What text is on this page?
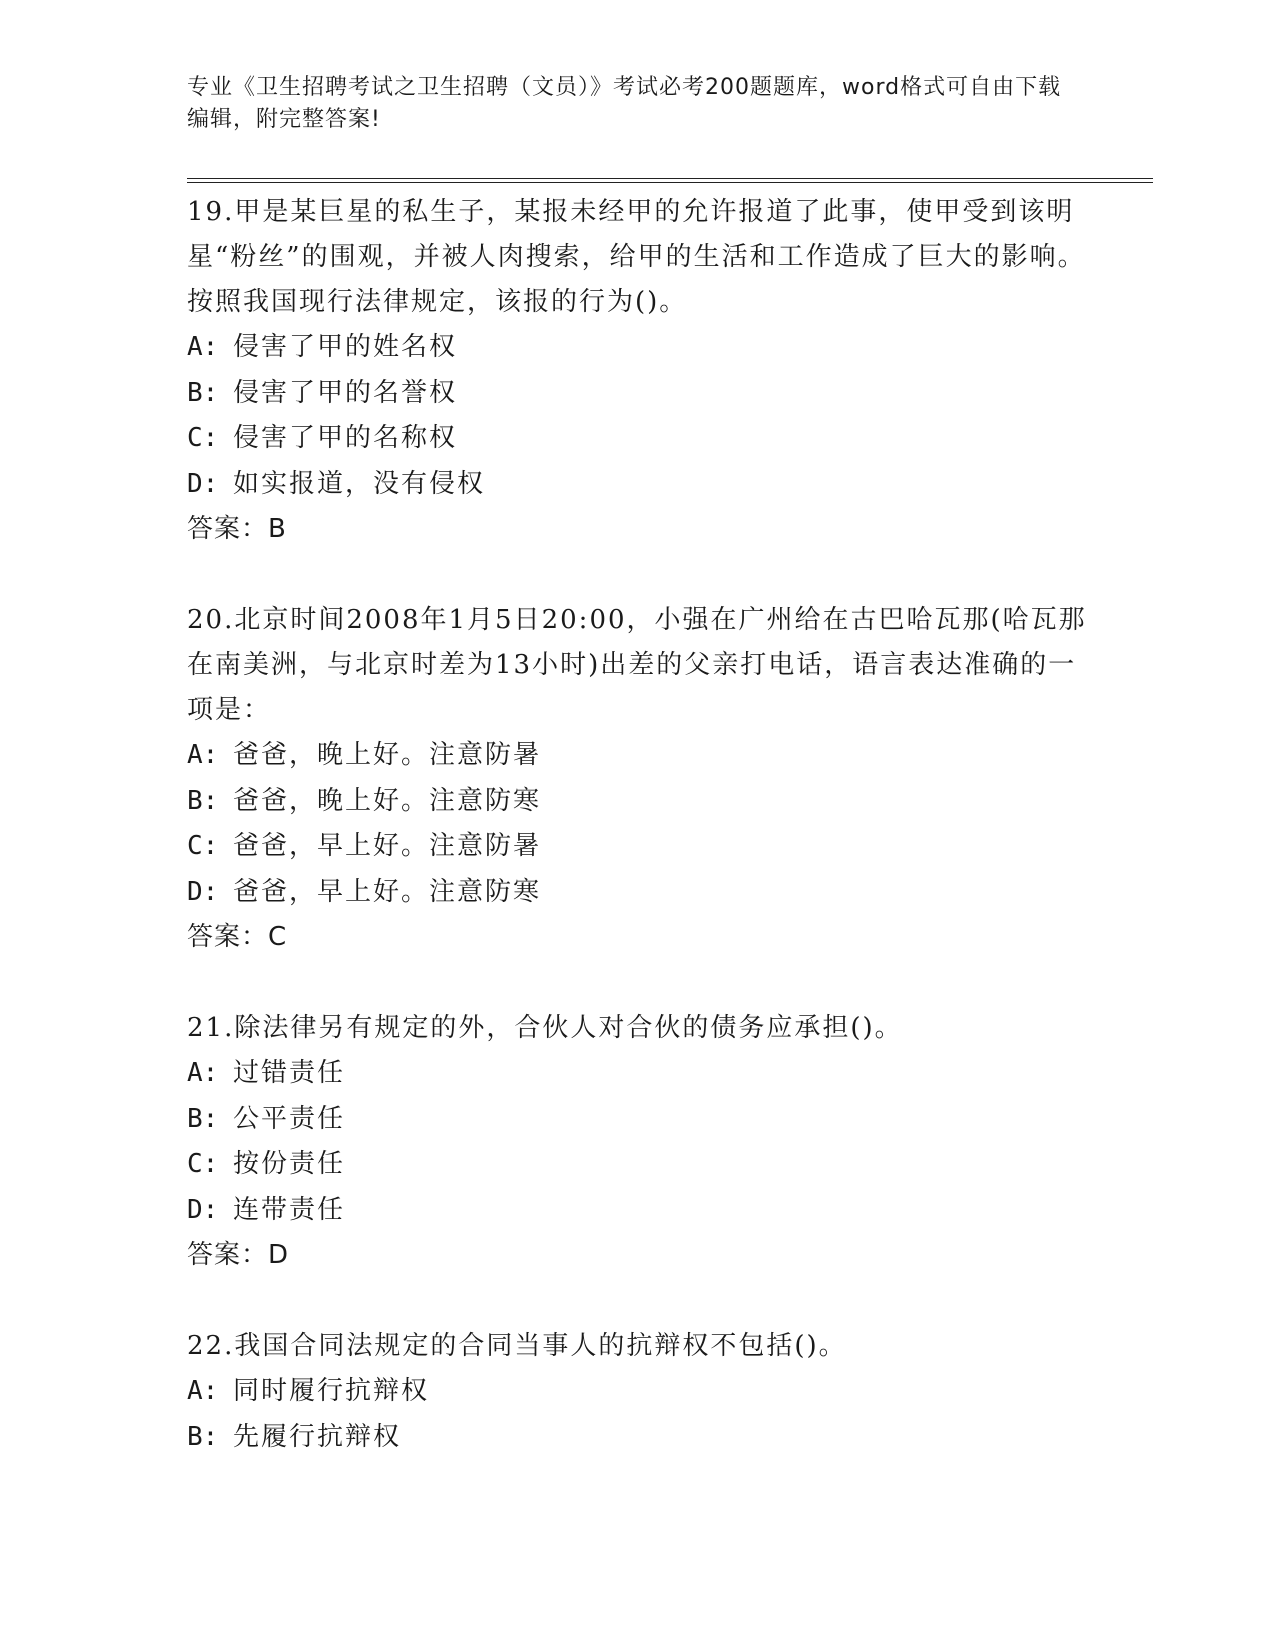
专业《卫生招聘考试之卫生招聘（文员）》考试必考200题题库，word格式可自由下载编辑，附完整答案!
19.甲是某巨星的私生子，某报未经甲的允许报道了此事，使甲受到该明星“粉丝”的围观，并被人肉搜索，给甲的生活和工作造成了巨大的影响。按照我国现行法律规定，该报的行为()。
A: 侵害了甲的姓名权
B: 侵害了甲的名誉权
C: 侵害了甲的名称权
D: 如实报道，没有侵权
答案：B
20.北京时间2008年1月5日20:00，小强在广州给在古巴哈瓦那(哈瓦那在南美洲，与北京时差为13小时)出差的父亲打电话，语言表达准确的一项是：
A: 爸爸，晚上好。注意防暑
B: 爸爸，晚上好。注意防寒
C: 爸爸，早上好。注意防暑
D: 爸爸，早上好。注意防寒
答案：C
21.除法律另有规定的外，合伙人对合伙的债务应承担()。
A: 过错责任
B: 公平责任
C: 按份责任
D: 连带责任
答案：D
22.我国合同法规定的合同当事人的抗辩权不包括()。
A: 同时履行抗辩权
B: 先履行抗辩权
